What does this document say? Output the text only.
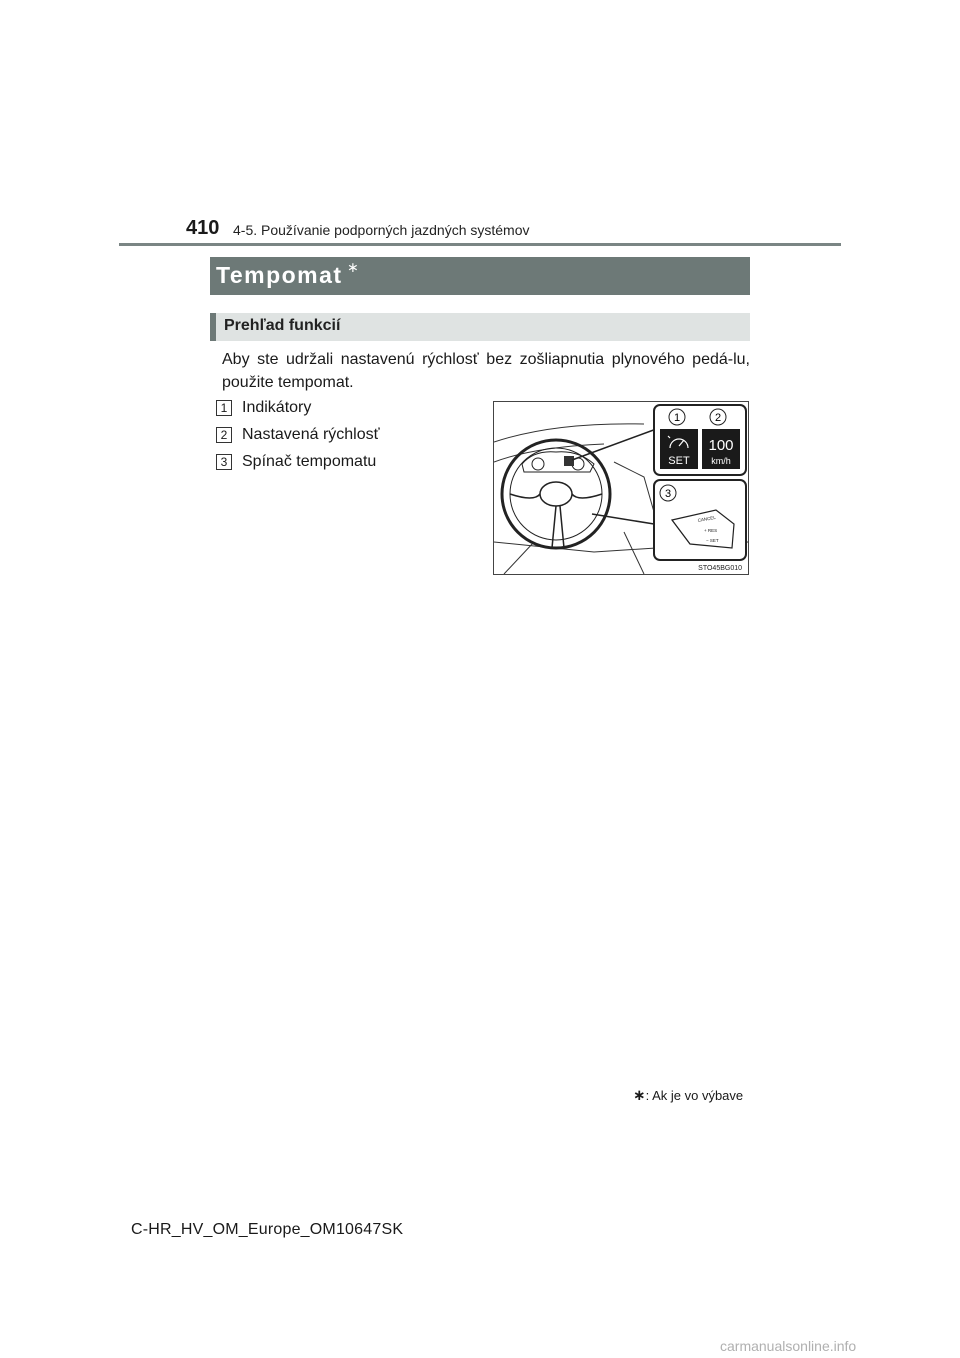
410 4-5. Používanie podporných jazdných systémov
Tempomat ∗
Prehľad funkcií
Aby ste udržali nastavenú rýchlosť bez zošliapnutia plynového pedá-lu, použite tempomat.
1 Indikátory
2 Nastavená rýchlosť
3 Spínač tempomatu
1	2
SET
100
km/h
3
CANCEL
+ RES
− SET
STO45BG010
∗: Ak je vo výbave
C-HR_HV_OM_Europe_OM10647SK
carmanualsonline.info
